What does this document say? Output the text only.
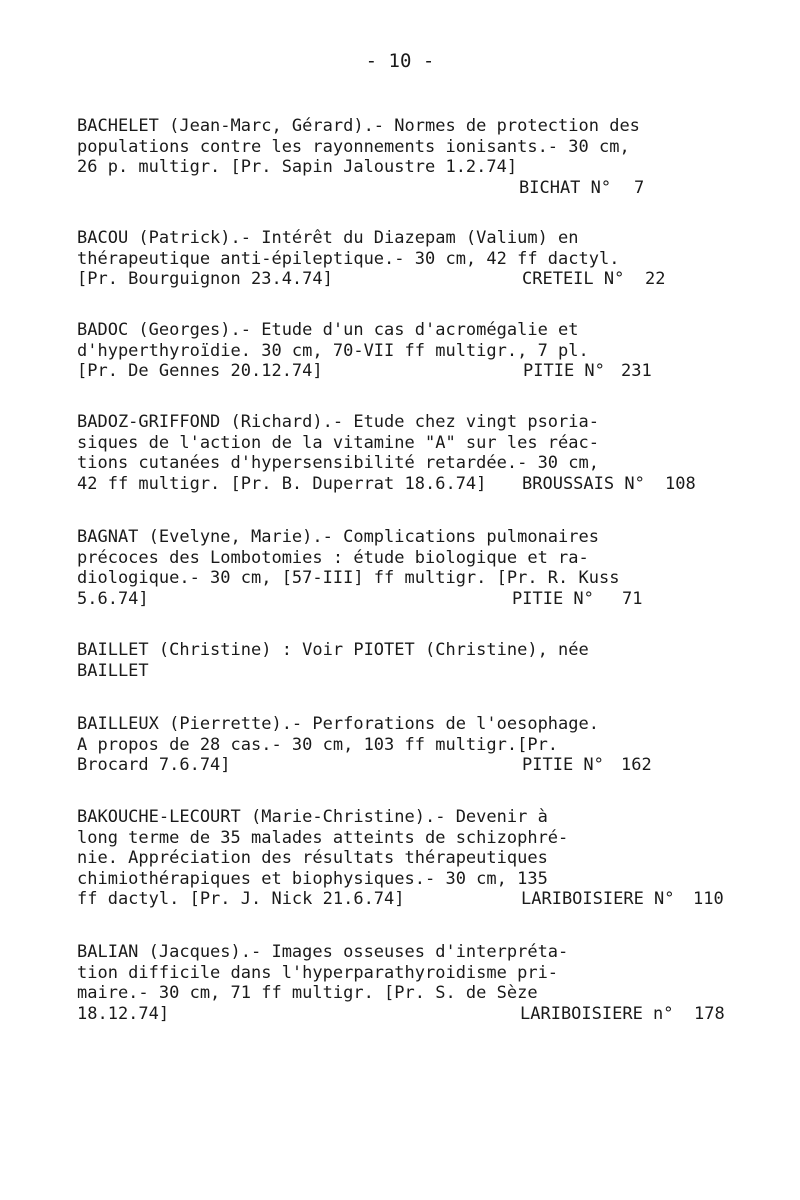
- 10 -
BACHELET (Jean-Marc, Gérard).- Normes de protection des
populations contre les rayonnements ionisants.- 30 cm,
26 p. multigr. [Pr. Sapin Jaloustre 1.2.74]
BICHAT N° 7
BACOU (Patrick).- Intérêt du Diazepam (Valium) en
thérapeutique anti-épileptique.- 30 cm, 42 ff dactyl.
[Pr. Bourguignon 23.4.74]	CRETEIL N° 22
BADOC (Georges).- Etude d'un cas d'acromégalie et
d'hyperthyroïdie. 30 cm, 70-VII ff multigr., 7 pl.
[Pr. De Gennes 20.12.74]	PITIE N° 231
BADOZ-GRIFFOND (Richard).- Etude chez vingt psoria-
siques de l'action de la vitamine "A" sur les réac-
tions cutanées d'hypersensibilité retardée.- 30 cm,
42 ff multigr. [Pr. B. Duperrat 18.6.74]	BROUSSAIS N° 108
BAGNAT (Evelyne, Marie).- Complications pulmonaires
précoces des Lombotomies : étude biologique et ra-
diologique.- 30 cm, [57-III] ff multigr. [Pr. R. Kuss
5.6.74]	PITIE N° 71
BAILLET (Christine) : Voir PIOTET (Christine), née
BAILLET
BAILLEUX (Pierrette).- Perforations de l'oesophage.
A propos de 28 cas.- 30 cm, 103 ff multigr.[Pr.
Brocard 7.6.74]	PITIE N° 162
BAKOUCHE-LECOURT (Marie-Christine).- Devenir à
long terme de 35 malades atteints de schizophré-
nie. Appréciation des résultats thérapeutiques
chimiothérapiques et biophysiques.- 30 cm, 135
ff dactyl. [Pr. J. Nick 21.6.74]	LARIBOISIERE N° 110
BALIAN (Jacques).- Images osseuses d'interpréta-
tion difficile dans l'hyperparathyroidisme pri-
maire.- 30 cm, 71 ff multigr. [Pr. S. de Sèze
18.12.74]	LARIBOISIERE n° 178
